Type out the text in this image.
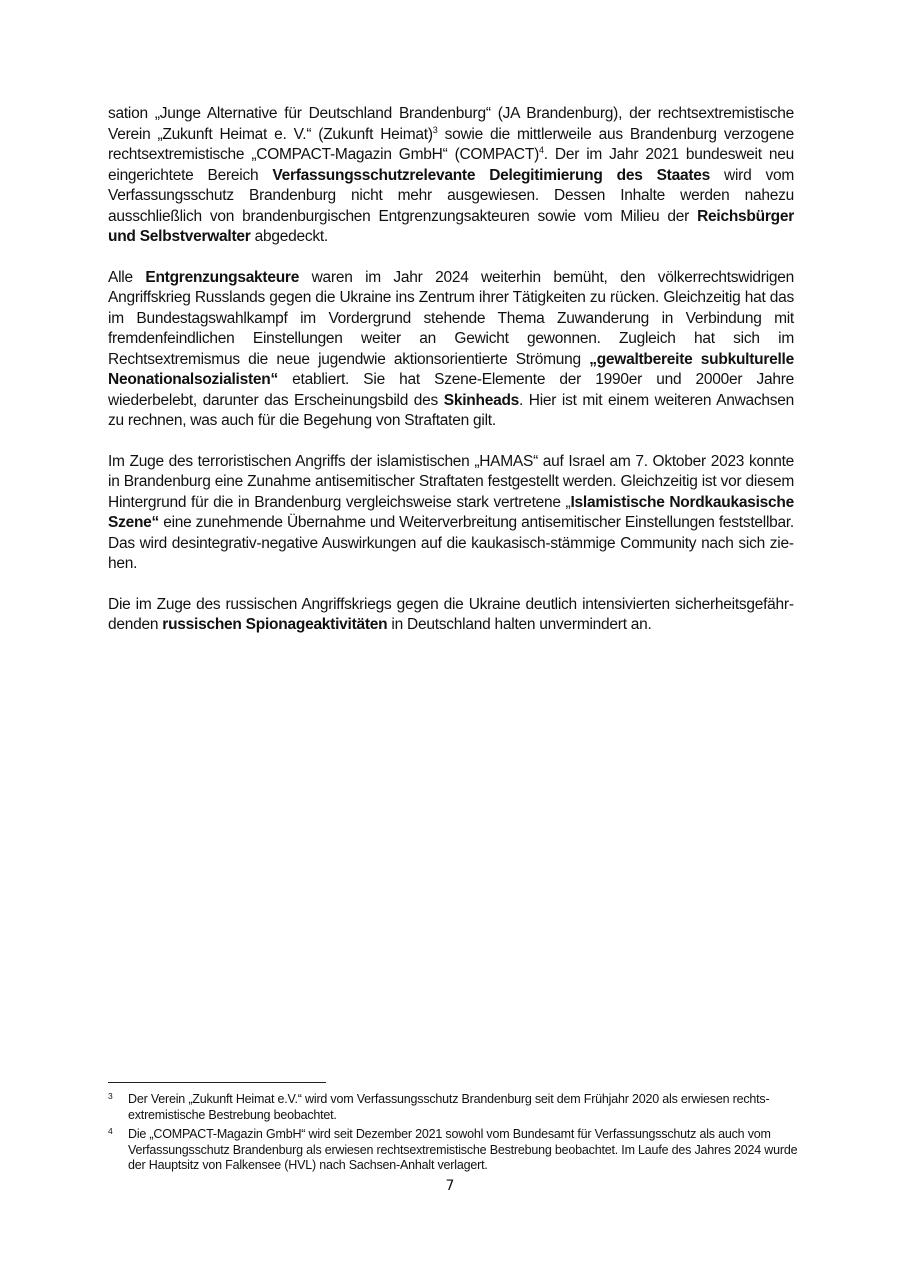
sation „Junge Alternative für Deutschland Brandenburg“ (JA Brandenburg), der rechtsextremistische Verein „Zukunft Heimat e. V.“ (Zukunft Heimat)$^3$ sowie die mittlerweile aus Brandenburg verzogene rechtsextremistische „COMPACT-Magazin GmbH“ (COMPACT)$^4$. Der im Jahr 2021 bundesweit neu eingerichtete Bereich Verfassungsschutzrelevante Delegitimierung des Staates wird vom Verfassungsschutz Brandenburg nicht mehr ausgewiesen. Dessen Inhalte werden nahezu ausschließlich von brandenburgischen Entgrenzungsakteuren sowie vom Milieu der Reichsbürger und Selbstverwalter abgedeckt.

Alle Entgrenzungsakteure waren im Jahr 2024 weiterhin bemüht, den völkerrechtswidrigen Angriffskrieg Russlands gegen die Ukraine ins Zentrum ihrer Tätigkeiten zu rücken. Gleichzeitig hat das im Bundestagswahlkampf im Vordergrund stehende Thema Zuwanderung in Verbindung mit fremdenfeindlichen Einstellungen weiter an Gewicht gewonnen. Zugleich hat sich im Rechtsextremismus die neue jugendwie aktionsorientierte Strömung „gewaltbereite subkulturelle Neonationalsozialisten“ etabliert. Sie hat Szene-Elemente der 1990er und 2000er Jahre wiederbelebt, darunter das Erscheinungsbild des Skinheads. Hier ist mit einem weiteren Anwachsen zu rechnen, was auch für die Begehung von Straftaten gilt.

Im Zuge des terroristischen Angriffs der islamistischen „HAMAS“ auf Israel am 7. Oktober 2023 konnte in Brandenburg eine Zunahme antisemitischer Straftaten festgestellt werden. Gleichzeitig ist vor diesem Hintergrund für die in Brandenburg vergleichsweise stark vertretene „Islamistische Nordkaukasische Szene“ eine zunehmende Übernahme und Weiterverbreitung antisemitischer Einstellungen feststellbar. Das wird desintegrativ-negative Auswirkungen auf die kaukasisch-stämmige Community nach sich ziehen.

Die im Zuge des russischen Angriffskriegs gegen die Ukraine deutlich intensivierten sicherheitsgefährdenden russischen Spionageaktivitäten in Deutschland halten unvermindert an.

3 Der Verein „Zukunft Heimat e.V.“ wird vom Verfassungsschutz Brandenburg seit dem Frühjahr 2020 als erwiesen rechtsextremistische Bestrebung beobachtet.
4 Die „COMPACT-Magazin GmbH“ wird seit Dezember 2021 sowohl vom Bundesamt für Verfassungsschutz als auch vom Verfassungsschutz Brandenburg als erwiesen rechtsextremistische Bestrebung beobachtet. Im Laufe des Jahres 2024 wurde der Hauptsitz von Falkensee (HVL) nach Sachsen-Anhalt verlagert.
7
